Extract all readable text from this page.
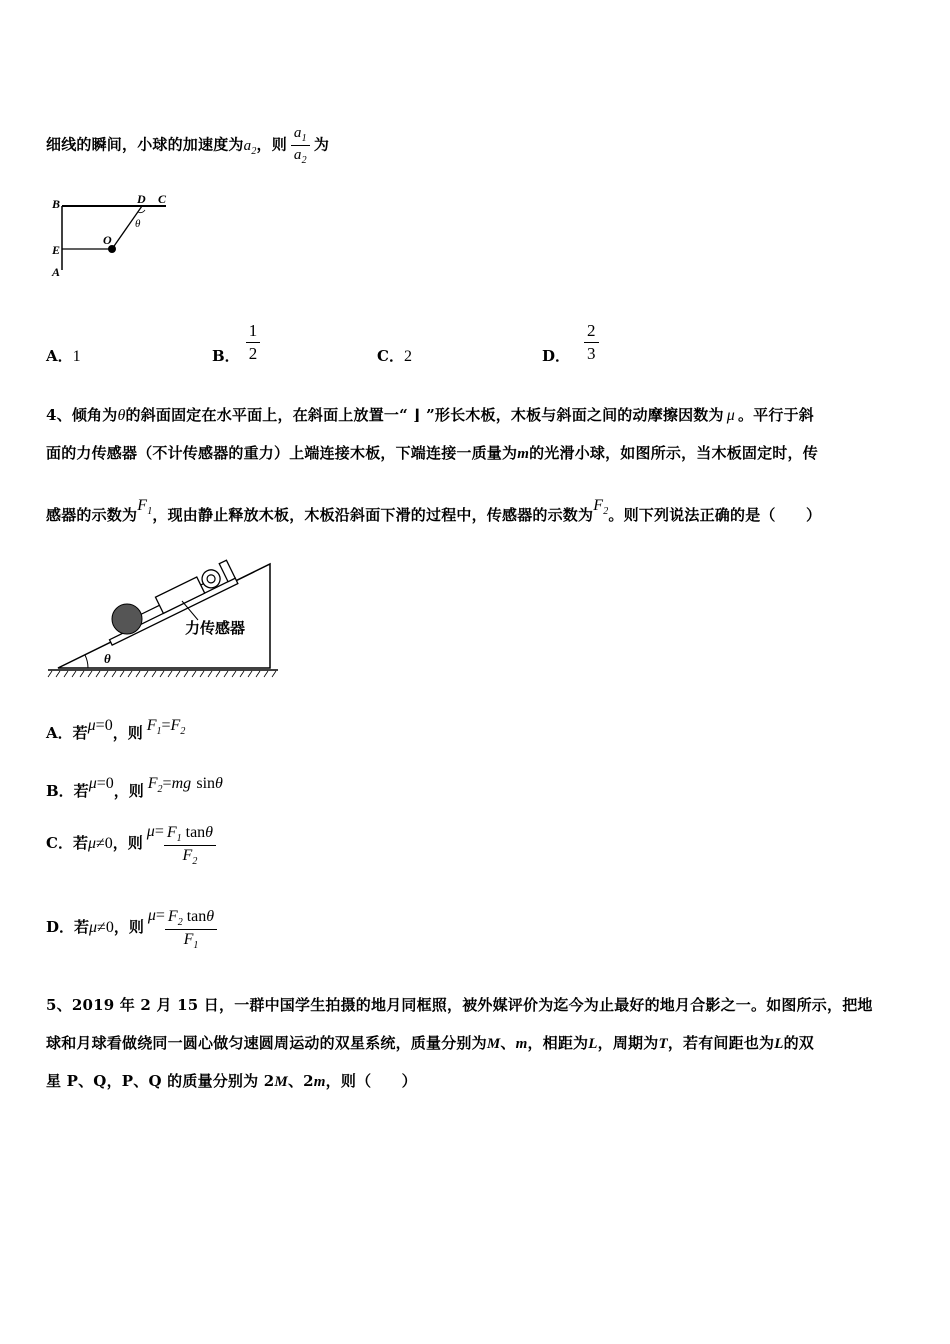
细线的瞬间，小球的加速度为$a_2$，则 $\frac{a_1}{a_2}$ 为
B	D C
θ
O
E
A
A．1	B． $\frac{1}{2}$	C．2	D． $\frac{2}{3}$
4、倾角为θ的斜面固定在水平面上，在斜面上放置一“ ⌋ ”形长木板，木板与斜面之间的动摩擦因数为 μ 。平行于斜
面的力传感器（不计传感器的重力）上端连接木板，下端连接一质量为m的光滑小球，如图所示，当木板固定时，传
感器的示数为$F_1$，现由静止释放木板，木板沿斜面下滑的过程中，传感器的示数为$F_2$。则下列说法正确的是（　　）
θ
力传感器
A．若μ=0，则 $F_1=F_2$
B．若μ=0，则 $F_2=mg$ sinθ
C．若μ≠0，则$\mu= \frac{F_1 \tan\theta}{F_2}$
D．若μ≠0，则$\mu= \frac{F_2 \tan\theta}{F_1}$
5、2019 年 2 月 15 日，一群中国学生拍摄的地月同框照，被外媒评价为迄今为止最好的地月合影之一。如图所示，把地
球和月球看做绕同一圆心做匀速圆周运动的双星系统，质量分别为M、m，相距为L，周期为T，若有间距也为L的双
星 P、Q，P、Q 的质量分别为 2M、2m，则（　　）
